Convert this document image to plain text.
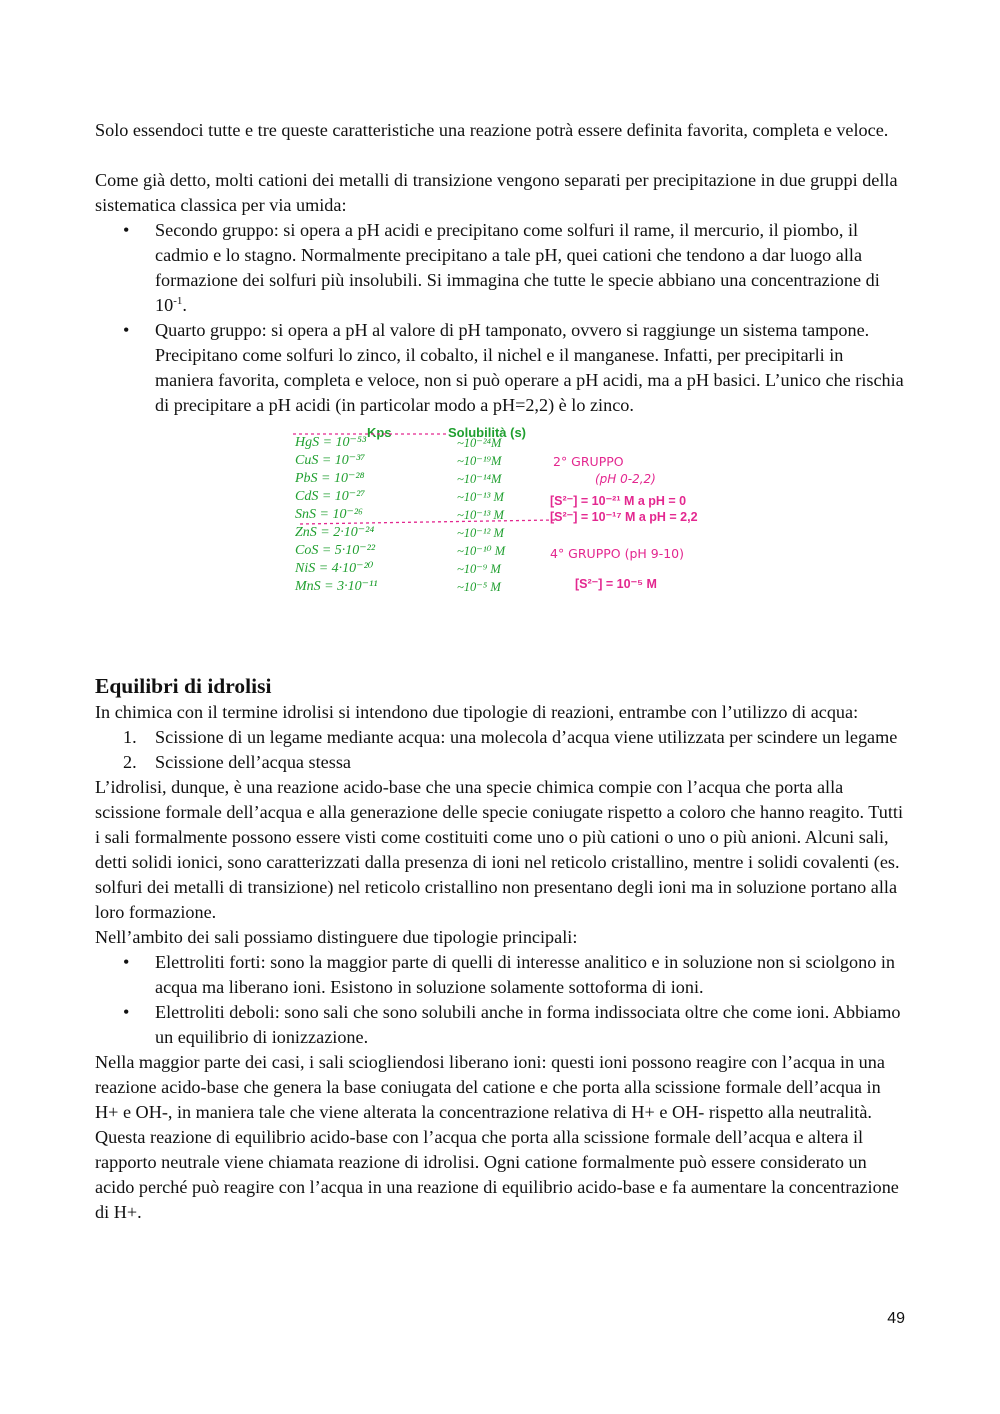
Solo essendoci tutte e tre queste caratteristiche una reazione potrà essere definita favorita, completa e veloce.

Come già detto, molti cationi dei metalli di transizione vengono separati per precipitazione in due gruppi della sistematica classica per via umida:

• Secondo gruppo: si opera a pH acidi e precipitano come solfuri il rame, il mercurio, il piombo, il cadmio e lo stagno. Normalmente precipitano a tale pH, quei cationi che tendono a dar luogo alla formazione dei solfuri più insolubili. Si immagina che tutte le specie abbiano una concentrazione di $10^{-1}$.
• Quarto gruppo: si opera a pH al valore di pH tamponato, ovvero si raggiunge un sistema tampone. Precipitano come solfuri lo zinco, il cobalto, il nichel e il manganese. Infatti, per precipitarli in maniera favorita, completa e veloce, non si può operare a pH acidi, ma a pH basici. L’unico che rischia di precipitare a pH acidi (in particolar modo a pH=2,2) è lo zinco.
Kps	Solubilità (s)
HgS = 10⁻⁵³
CuS = 10⁻³⁷
PbS = 10⁻²⁸
CdS = 10⁻²⁷
SnS = 10⁻²⁶
ZnS = 2·10⁻²⁴
CoS = 5·10⁻²²
NiS = 4·10⁻²⁰
MnS = 3·10⁻¹¹
~10⁻²⁴M
~10⁻¹⁹M
~10⁻¹⁴M
~10⁻¹³ M
~10⁻¹³ M
~10⁻¹² M
~10⁻¹⁰ M
~10⁻⁹ M
~10⁻⁵ M
2° GRUPPO
(pH 0-2,2)
[S²⁻] = 10⁻²¹ M a pH = 0
[S²⁻] = 10⁻¹⁷ M a pH = 2,2
4° GRUPPO (pH 9-10)
[S²⁻] = 10⁻⁵ M
Equilibri di idrolisi

In chimica con il termine idrolisi si intendono due tipologie di reazioni, entrambe con l’utilizzo di acqua:

1. Scissione di un legame mediante acqua: una molecola d’acqua viene utilizzata per scindere un legame
2. Scissione dell’acqua stessa

L’idrolisi, dunque, è una reazione acido-base che una specie chimica compie con l’acqua che porta alla scissione formale dell’acqua e alla generazione delle specie coniugate rispetto a coloro che hanno reagito. Tutti i sali formalmente possono essere visti come costituiti come uno o più cationi o uno o più anioni. Alcuni sali, detti solidi ionici, sono caratterizzati dalla presenza di ioni nel reticolo cristallino, mentre i solidi covalenti (es. solfuri dei metalli di transizione) nel reticolo cristallino non presentano degli ioni ma in soluzione portano alla loro formazione.

Nell’ambito dei sali possiamo distinguere due tipologie principali:

• Elettroliti forti: sono la maggior parte di quelli di interesse analitico e in soluzione non si sciolgono in acqua ma liberano ioni. Esistono in soluzione solamente sottoforma di ioni.
• Elettroliti deboli: sono sali che sono solubili anche in forma indissociata oltre che come ioni. Abbiamo un equilibrio di ionizzazione.

Nella maggior parte dei casi, i sali sciogliendosi liberano ioni: questi ioni possono reagire con l’acqua in una reazione acido-base che genera la base coniugata del catione e che porta alla scissione formale dell’acqua in H+ e OH-, in maniera tale che viene alterata la concentrazione relativa di H+ e OH- rispetto alla neutralità. Questa reazione di equilibrio acido-base con l’acqua che porta alla scissione formale dell’acqua e altera il rapporto neutrale viene chiamata reazione di idrolisi. Ogni catione formalmente può essere considerato un acido perché può reagire con l’acqua in una reazione di equilibrio acido-base e fa aumentare la concentrazione di H+.

49
